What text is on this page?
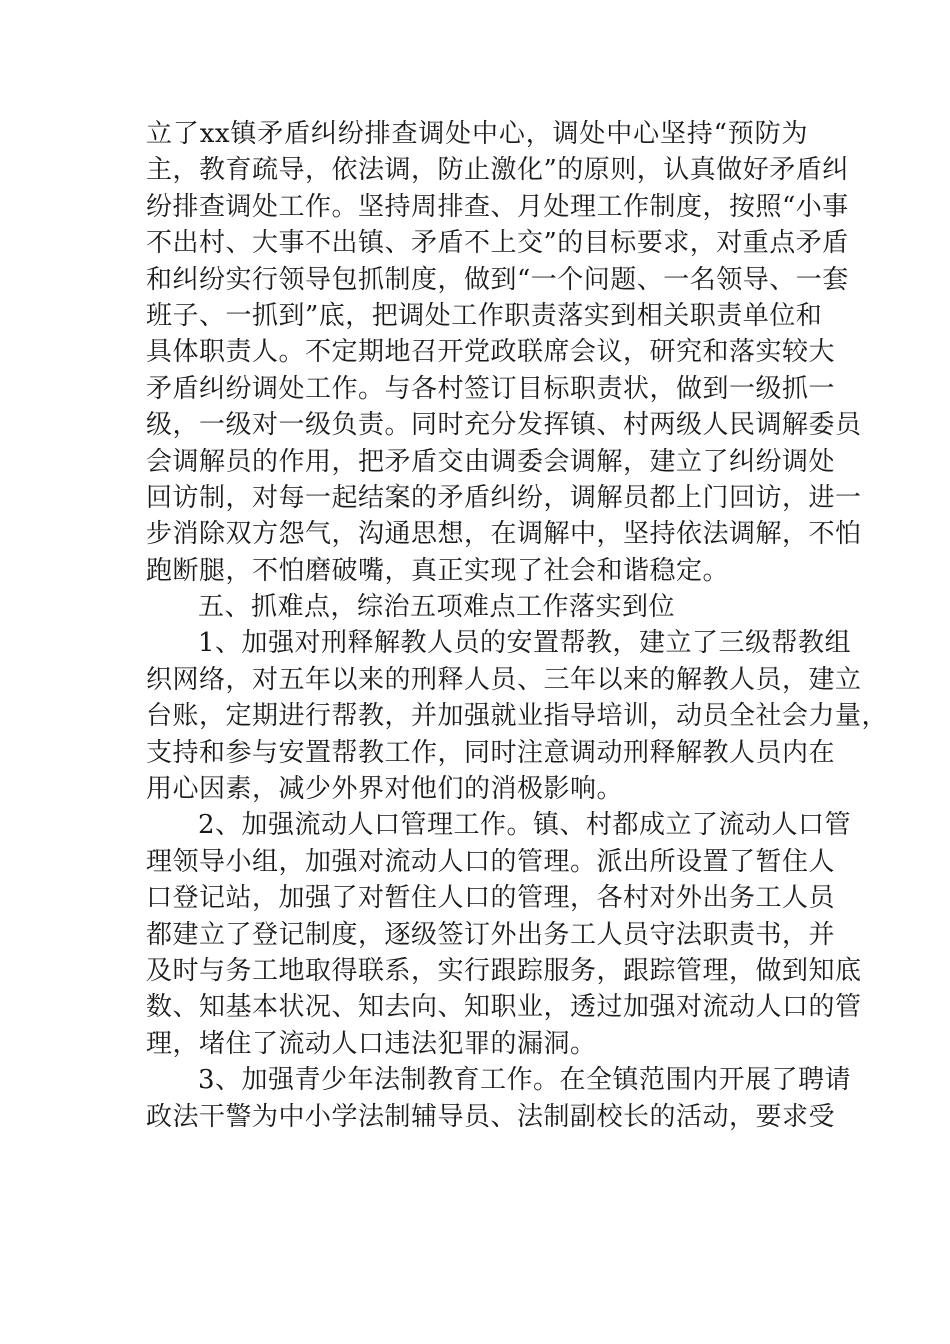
立了xx镇矛盾纠纷排查调处中心，调处中心坚持“预防为
主，教育疏导，依法调，防止激化”的原则，认真做好矛盾纠
纷排查调处工作。坚持周排查、月处理工作制度，按照“小事
不出村、大事不出镇、矛盾不上交”的目标要求，对重点矛盾
和纠纷实行领导包抓制度，做到“一个问题、一名领导、一套
班子、一抓到”底，把调处工作职责落实到相关职责单位和
具体职责人。不定期地召开党政联席会议，研究和落实较大
矛盾纠纷调处工作。与各村签订目标职责状，做到一级抓一
级，一级对一级负责。同时充分发挥镇、村两级人民调解委员
会调解员的作用，把矛盾交由调委会调解，建立了纠纷调处
回访制，对每一起结案的矛盾纠纷，调解员都上门回访，进一
步消除双方怨气，沟通思想，在调解中，坚持依法调解，不怕
跑断腿，不怕磨破嘴，真正实现了社会和谐稳定。
五、抓难点，综治五项难点工作落实到位
1、加强对刑释解教人员的安置帮教，建立了三级帮教组
织网络，对五年以来的刑释人员、三年以来的解教人员，建立
台账，定期进行帮教，并加强就业指导培训，动员全社会力量，
支持和参与安置帮教工作，同时注意调动刑释解教人员内在
用心因素，减少外界对他们的消极影响。
2、加强流动人口管理工作。镇、村都成立了流动人口管
理领导小组，加强对流动人口的管理。派出所设置了暂住人
口登记站，加强了对暂住人口的管理，各村对外出务工人员
都建立了登记制度，逐级签订外出务工人员守法职责书，并
及时与务工地取得联系，实行跟踪服务，跟踪管理，做到知底
数、知基本状况、知去向、知职业，透过加强对流动人口的管
理，堵住了流动人口违法犯罪的漏洞。
3、加强青少年法制教育工作。在全镇范围内开展了聘请
政法干警为中小学法制辅导员、法制副校长的活动，要求受
